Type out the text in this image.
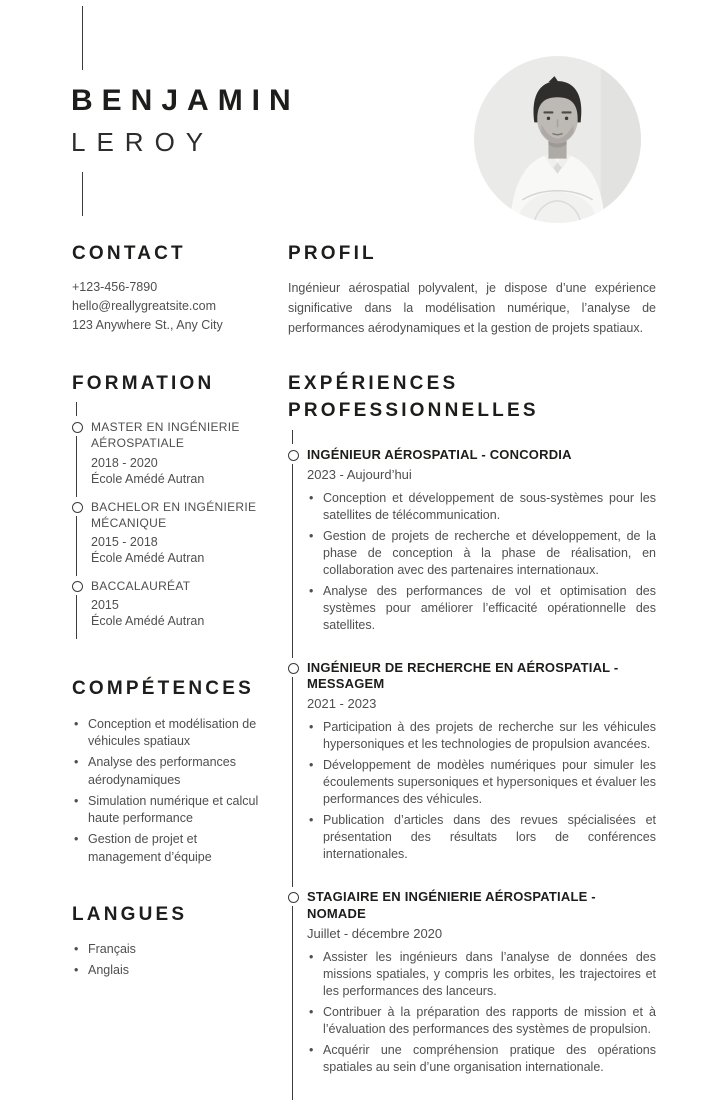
BENJAMIN
LEROY
CONTACT
+123-456-7890
hello@reallygreatsite.com
123 Anywhere St., Any City
FORMATION
MASTER EN INGÉNIERIE AÉROSPATIALE
2018 - 2020
École Amédé Autran
BACHELOR EN INGÉNIERIE MÉCANIQUE
2015 - 2018
École Amédé Autran
BACCALAURÉAT
2015
École Amédé Autran
COMPÉTENCES
• Conception et modélisation de véhicules spatiaux
• Analyse des performances aérodynamiques
• Simulation numérique et calcul haute performance
• Gestion de projet et management d’équipe
LANGUES
• Français
• Anglais
PROFIL

Ingénieur aérospatial polyvalent, je dispose d’une expérience significative dans la modélisation numérique, l’analyse de performances aérodynamiques et la gestion de projets spatiaux.

EXPÉRIENCES
PROFESSIONNELLES
INGÉNIEUR AÉROSPATIAL - CONCORDIA
2023 - Aujourd’hui
• Conception et développement de sous-systèmes pour les satellites de télécommunication.
• Gestion de projets de recherche et développement, de la phase de conception à la phase de réalisation, en collaboration avec des partenaires internationaux.
• Analyse des performances de vol et optimisation des systèmes pour améliorer l’efficacité opérationnelle des satellites.
INGÉNIEUR DE RECHERCHE EN AÉROSPATIAL - MESSAGEM
2021 - 2023
• Participation à des projets de recherche sur les véhicules hypersoniques et les technologies de propulsion avancées.
• Développement de modèles numériques pour simuler les écoulements supersoniques et hypersoniques et évaluer les performances des véhicules.
• Publication d’articles dans des revues spécialisées et présentation des résultats lors de conférences internationales.
STAGIAIRE EN INGÉNIERIE AÉROSPATIALE - NOMADE
Juillet - décembre 2020
• Assister les ingénieurs dans l’analyse de données des missions spatiales, y compris les orbites, les trajectoires et les performances des lanceurs.
• Contribuer à la préparation des rapports de mission et à l’évaluation des performances des systèmes de propulsion.
• Acquérir une compréhension pratique des opérations spatiales au sein d’une organisation internationale.
